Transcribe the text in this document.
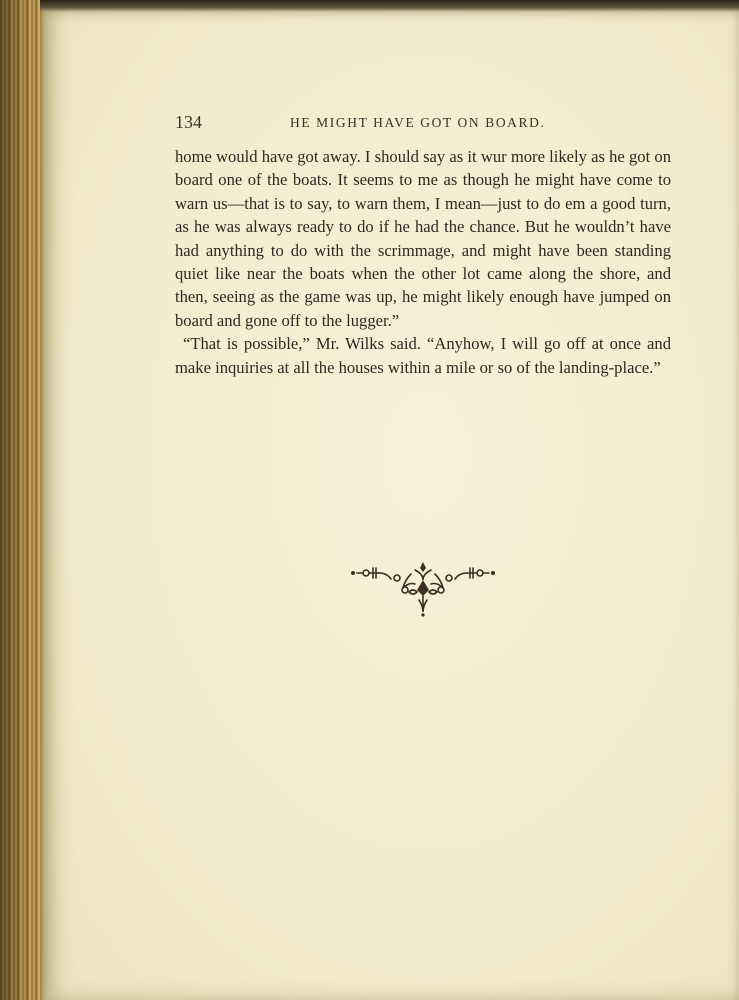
134	HE MIGHT HAVE GOT ON BOARD.

home would have got away. I should say as it wur more likely as he got on board one of the boats. It seems to me as though he might have come to warn us—that is to say, to warn them, I mean—just to do em a good turn, as he was always ready to do if he had the chance. But he wouldn’t have had anything to do with the scrimmage, and might have been standing quiet like near the boats when the other lot came along the shore, and then, seeing as the game was up, he might likely enough have jumped on board and gone off to the lugger.”

“That is possible,” Mr. Wilks said. “Anyhow, I will go off at once and make inquiries at all the houses within a mile or so of the landing-place.”
